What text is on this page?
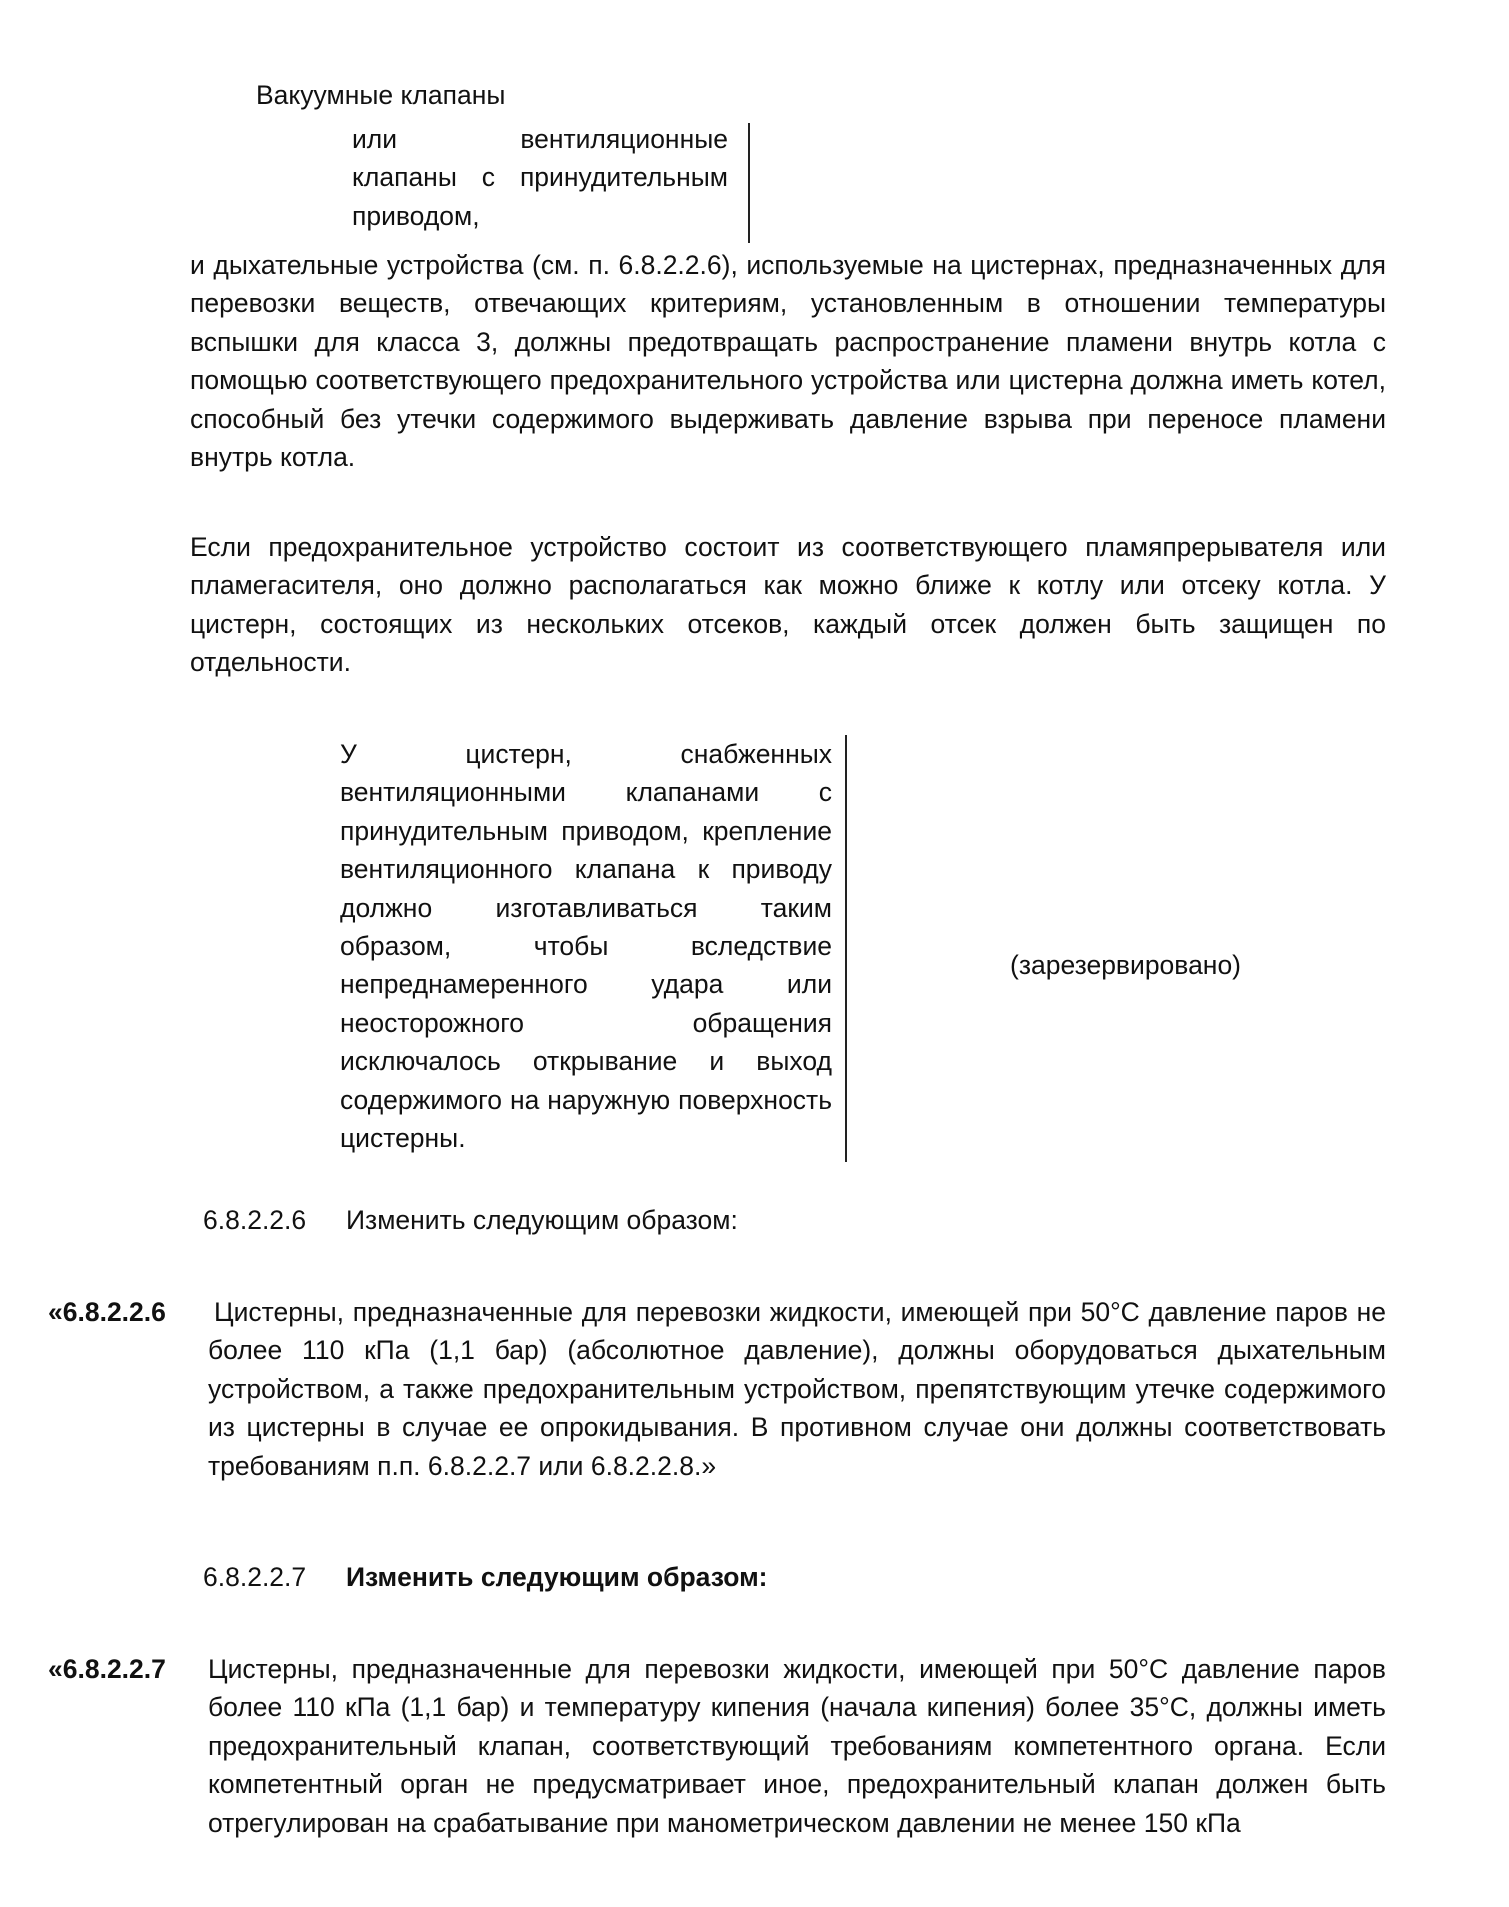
Вакуумные клапаны
или	вентиляционные
клапаны с принудительным приводом,
и дыхательные устройства (см. п. 6.8.2.2.6), используемые на цистернах, предназначенных для перевозки веществ, отвечающих критериям, установленным в отношении температуры вспышки для класса 3, должны предотвращать распространение пламени внутрь котла с помощью соответствующего предохранительного устройства или цистерна должна иметь котел, способный без утечки содержимого выдерживать давление взрыва при переносе пламени внутрь котла.
Если предохранительное устройство состоит из соответствующего пламяпрерывателя или пламегасителя, оно должно располагаться как можно ближе к котлу или отсеку котла. У цистерн, состоящих из нескольких отсеков, каждый отсек должен быть защищен по отдельности.
У цистерн, снабженных вентиляционными клапанами с принудительным приводом, крепление вентиляционного клапана к приводу должно изготавливаться таким образом, чтобы вследствие непреднамеренного удара или неосторожного обращения исключалось открывание и выход содержимого на наружную поверхность цистерны.
(зарезервировано)
6.8.2.2.6 Изменить следующим образом:
«6.8.2.2.6 Цистерны, предназначенные для перевозки жидкости, имеющей при 50°C давление паров не более 110 кПа (1,1 бар) (абсолютное давление), должны оборудоваться дыхательным устройством, а также предохранительным устройством, препятствующим утечке содержимого из цистерны в случае ее опрокидывания. В противном случае они должны соответствовать требованиям п.п. 6.8.2.2.7 или 6.8.2.2.8.»
6.8.2.2.7 Изменить следующим образом:
«6.8.2.2.7 Цистерны, предназначенные для перевозки жидкости, имеющей при 50°C давление паров более 110 кПа (1,1 бар) и температуру кипения (начала кипения) более 35°C, должны иметь предохранительный клапан, соответствующий требованиям компетентного органа. Если компетентный орган не предусматривает иное, предохранительный клапан должен быть отрегулирован на срабатывание при манометрическом давлении не менее 150 кПа
